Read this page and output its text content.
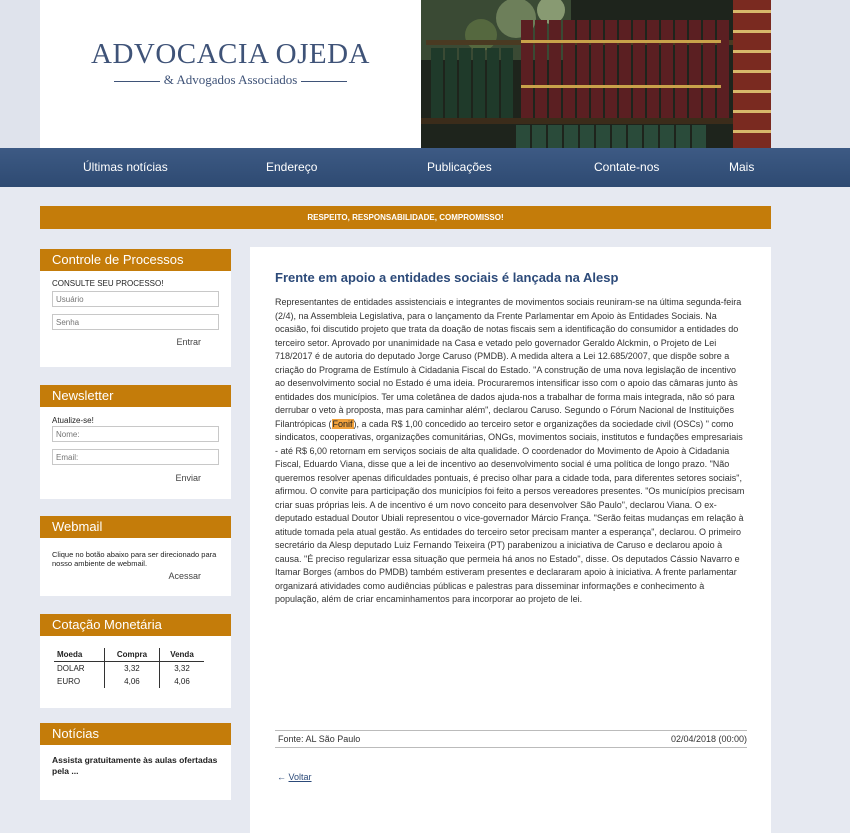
ADVOCACIA OJEDA
& Advogados Associados
Últimas notícias	Endereço	Publicações	Contate-nos	Mais
RESPEITO, RESPONSABILIDADE, COMPROMISSO!
Controle de Processos
CONSULTE SEU PROCESSO!
Usuário
Entrar
Newsletter
Atualize-se!
Nome: Email:
Enviar
Webmail
Clique no botão abaixo para ser direcionado para nosso ambiente de webmail.
Acessar
Cotação Monetária
Moeda	Compra	Venda
DOLAR	3,32	3,32
EURO	4,06	4,06
Notícias
Assista gratuitamente às aulas ofertadas pela ...
Frente em apoio a entidades sociais é lançada na Alesp
Representantes de entidades assistenciais e integrantes de movimentos sociais reuniram-se na última segunda-feira (2/4), na Assembleia Legislativa, para o lançamento da Frente Parlamentar em Apoio às Entidades Sociais. Na ocasião, foi discutido projeto que trata da doação de notas fiscais sem a identificação do consumidor a entidades do terceiro setor. Aprovado por unanimidade na Casa e vetado pelo governador Geraldo Alckmin, o Projeto de Lei 718/2017 é de autoria do deputado Jorge Caruso (PMDB). A medida altera a Lei 12.685/2007, que dispõe sobre a criação do Programa de Estímulo à Cidadania Fiscal do Estado. "A construção de uma nova legislação de incentivo ao desenvolvimento social no Estado é uma ideia. Procuraremos intensificar isso com o apoio das câmaras junto às entidades dos municípios. Ter uma coletânea de dados ajuda-nos a trabalhar de forma mais integrada, não só para derrubar o veto à proposta, mas para caminhar além", declarou Caruso. Segundo o Fórum Nacional de Instituições Filantrópicas (Fonif), a cada R$ 1,00 concedido ao terceiro setor e organizações da sociedade civil (OSCs) " como sindicatos, cooperativas, organizações comunitárias, ONGs, movimentos sociais, institutos e fundações empresariais - até R$ 6,00 retornam em serviços sociais de alta qualidade. O coordenador do Movimento de Apoio à Cidadania Fiscal, Eduardo Viana, disse que a lei de incentivo ao desenvolvimento social é uma política de longo prazo. "Não queremos resolver apenas dificuldades pontuais, é preciso olhar para a cidade toda, para diferentes setores sociais", afirmou. O convite para participação dos municípios foi feito a persos vereadores presentes. "Os municípios precisam criar suas próprias leis. A de incentivo é um novo conceito para desenvolver São Paulo", declarou Viana. O ex-deputado estadual Doutor Ubiali representou o vice-governador Márcio França. "Serão feitas mudanças em relação à atitude tomada pela atual gestão. As entidades do terceiro setor precisam manter a esperança", declarou. O primeiro secretário da Alesp deputado Luiz Fernando Teixeira (PT) parabenizou a iniciativa de Caruso e declarou apoio à causa. "É preciso regularizar essa situação que permeia há anos no Estado", disse. Os deputados Cássio Navarro e Itamar Borges (ambos do PMDB) também estiveram presentes e declararam apoio à iniciativa. A frente parlamentar organizará atividades como audiências públicas e palestras para disseminar informações e conhecimento à população, além de criar encaminhamentos para incorporar ao projeto de lei.
Fonte: AL São Paulo	02/04/2018 (00:00)
← Voltar
